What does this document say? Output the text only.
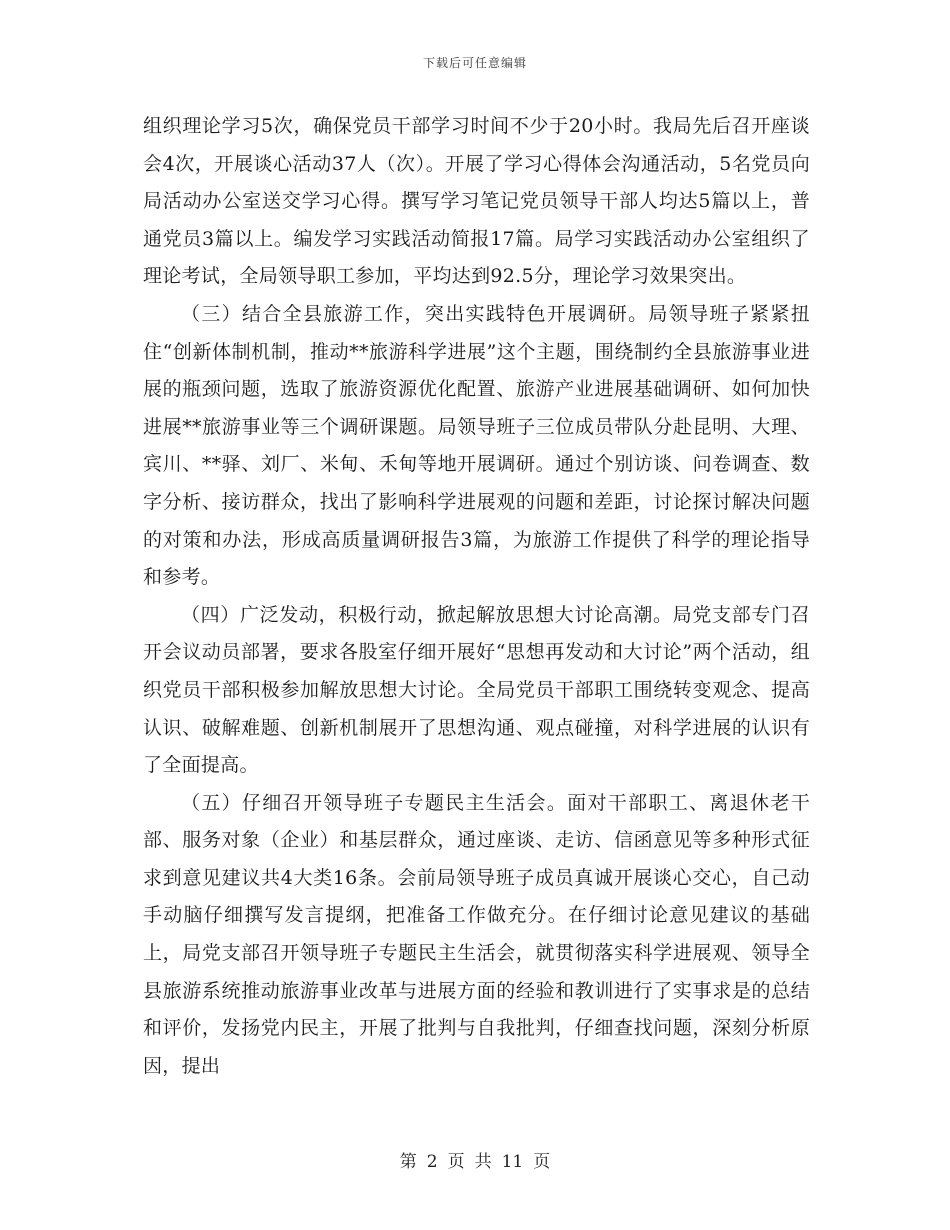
下载后可任意编辑

组织理论学习5次，确保党员干部学习时间不少于20小时。我局先后召开座谈会4次，开展谈心活动37人（次）。开展了学习心得体会沟通活动，5名党员向局活动办公室送交学习心得。撰写学习笔记党员领导干部人均达5篇以上，普通党员3篇以上。编发学习实践活动简报17篇。局学习实践活动办公室组织了理论考试，全局领导职工参加，平均达到92.5分，理论学习效果突出。

（三）结合全县旅游工作，突出实践特色开展调研。局领导班子紧紧扭住“创新体制机制，推动**旅游科学进展”这个主题，围绕制约全县旅游事业进展的瓶颈问题，选取了旅游资源优化配置、旅游产业进展基础调研、如何加快进展**旅游事业等三个调研课题。局领导班子三位成员带队分赴昆明、大理、宾川、**驿、刘厂、米甸、禾甸等地开展调研。通过个别访谈、问卷调查、数字分析、接访群众，找出了影响科学进展观的问题和差距，讨论探讨解决问题的对策和办法，形成高质量调研报告3篇，为旅游工作提供了科学的理论指导和参考。

（四）广泛发动，积极行动，掀起解放思想大讨论高潮。局党支部专门召开会议动员部署，要求各股室仔细开展好“思想再发动和大讨论”两个活动，组织党员干部积极参加解放思想大讨论。全局党员干部职工围绕转变观念、提高认识、破解难题、创新机制展开了思想沟通、观点碰撞，对科学进展的认识有了全面提高。

（五）仔细召开领导班子专题民主生活会。面对干部职工、离退休老干部、服务对象（企业）和基层群众，通过座谈、走访、信函意见等多种形式征求到意见建议共4大类16条。会前局领导班子成员真诚开展谈心交心，自己动手动脑仔细撰写发言提纲，把准备工作做充分。在仔细讨论意见建议的基础上，局党支部召开领导班子专题民主生活会，就贯彻落实科学进展观、领导全县旅游系统推动旅游事业改革与进展方面的经验和教训进行了实事求是的总结和评价，发扬党内民主，开展了批判与自我批判，仔细查找问题，深刻分析原因，提出

第 2 页 共 11 页
